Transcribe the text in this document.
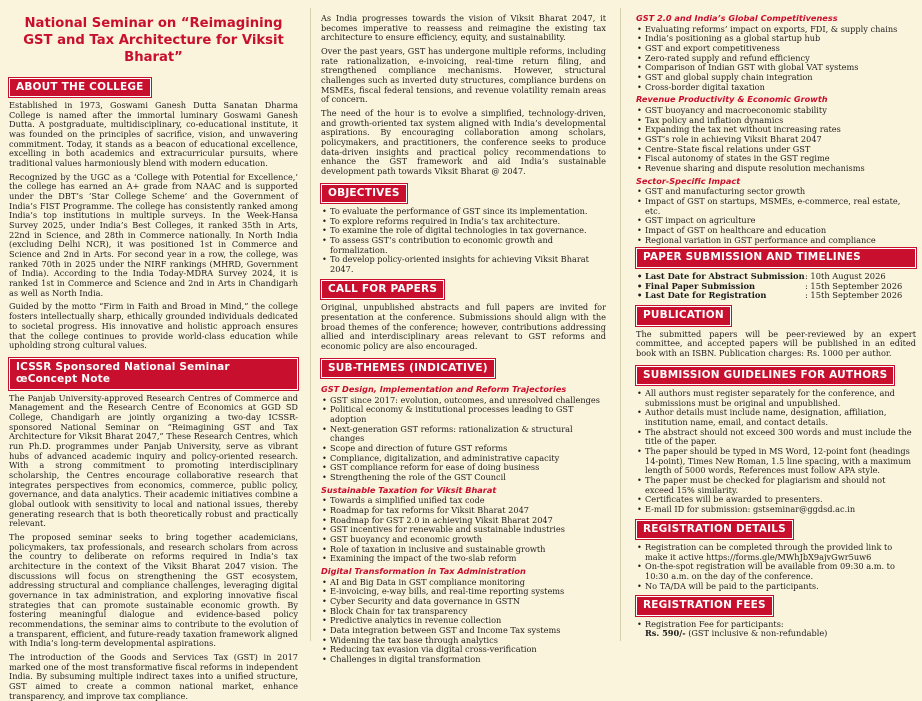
National Seminar on “Reimagining GST and Tax Architecture for Viksit Bharat”
ABOUT THE COLLEGE

Established in 1973, Goswami Ganesh Dutta Sanatan Dharma College is named after the immortal luminary Goswami Ganesh Dutta. A postgraduate, multidisciplinary, co-educational institute, it was founded on the principles of sacrifice, vision, and unwavering commitment. Today, it stands as a beacon of educational excellence, excelling in both academics and extracurricular pursuits, where traditional values harmoniously blend with modern education.

Recognized by the UGC as a ‘College with Potential for Excellence,’ the college has earned an A+ grade from NAAC and is supported under the DBT’s ‘Star College Scheme’ and the Government of India’s FIST Programme. The college has consistently ranked among India’s top institutions in multiple surveys. In the Week-Hansa Survey 2025, under India’s Best Colleges, it ranked 35th in Arts, 22nd in Science, and 28th in Commerce nationally. In North India (excluding Delhi NCR), it was positioned 1st in Commerce and Science and 2nd in Arts. For second year in a row, the college, was ranked 70th in 2025 under the NIRF rankings (MHRD, Government of India). According to the India Today-MDRA Survey 2024, it is ranked 1st in Commerce and Science and 2nd in Arts in Chandigarh as well as North India.

Guided by the motto “Firm in Faith and Broad in Mind,” the college fosters intellectually sharp, ethically grounded individuals dedicated to societal progress. His innovative and holistic approach ensures that the college continues to provide world-class education while upholding strong cultural values.

ICSSR Sponsored National Seminar œConcept Note

The Panjab University-approved Research Centres of Commerce and Management and the Research Centre of Economics at GGD SD College, Chandigarh are jointly organizing a two-day ICSSR-sponsored National Seminar on “Reimagining GST and Tax Architecture for Viksit Bharat 2047,” These Research Centres, which run Ph.D. programmes under Panjab University, serve as vibrant hubs of advanced academic inquiry and policy-oriented research. With a strong commitment to promoting interdisciplinary scholarship, the Centres encourage collaborative research that integrates perspectives from economics, commerce, public policy, governance, and data analytics. Their academic initiatives combine a global outlook with sensitivity to local and national issues, thereby generating research that is both theoretically robust and practically relevant.

The proposed seminar seeks to bring together academicians, policymakers, tax professionals, and research scholars from across the country to deliberate on reforms required in India’s tax architecture in the context of the Viksit Bharat 2047 vision. The discussions will focus on strengthening the GST ecosystem, addressing structural and compliance challenges, leveraging digital governance in tax administration, and exploring innovative fiscal strategies that can promote sustainable economic growth. By fostering meaningful dialogue and evidence-based policy recommendations, the seminar aims to contribute to the evolution of a transparent, efficient, and future-ready taxation framework aligned with India’s long-term developmental aspirations.

The introduction of the Goods and Services Tax (GST) in 2017 marked one of the most transformative fiscal reforms in independent India. By subsuming multiple indirect taxes into a unified structure, GST aimed to create a common national market, enhance transparency, and improve tax compliance.

As India progresses towards the vision of Viksit Bharat 2047, it becomes imperative to reassess and reimagine the existing tax architecture to ensure efficiency, equity, and sustainability.

Over the past years, GST has undergone multiple reforms, including rate rationalization, e-invoicing, real-time return filing, and strengthened compliance mechanisms. However, structural challenges such as inverted duty structures, compliance burdens on MSMEs, fiscal federal tensions, and revenue volatility remain areas of concern.

The need of the hour is to evolve a simplified, technology-driven, and growth-oriented tax system aligned with India’s developmental aspirations. By encouraging collaboration among scholars, policymakers, and practitioners, the conference seeks to produce data-driven insights and practical policy recommendations to enhance the GST framework and aid India’s sustainable development path towards Viksit Bharat @ 2047.

OBJECTIVES
• To evaluate the performance of GST since its implementation.
• To explore reforms required in India’s tax architecture.
• To examine the role of digital technologies in tax governance.
• To assess GST’s contribution to economic growth and formalization.
• To develop policy-oriented insights for achieving Viksit Bharat 2047.
CALL FOR PAPERS

Original, unpublished abstracts and full papers are invited for presentation at the conference. Submissions should align with the broad themes of the conference; however, contributions addressing allied and interdisciplinary areas relevant to GST reforms and economic policy are also encouraged.

SUB-THEMES (INDICATIVE)
GST Design, Implementation and Reform Trajectories
• GST since 2017: evolution, outcomes, and unresolved challenges
• Political economy & institutional processes leading to GST adoption
• Next-generation GST reforms: rationalization & structural changes
• Scope and direction of future GST reforms
• Compliance, digitalization, and administrative capacity
• GST compliance reform for ease of doing business
• Strengthening the role of the GST Council
Sustainable Taxation for Viksit Bharat
• Towards a simplified unified tax code
• Roadmap for tax reforms for Viksit Bharat 2047
• Roadmap for GST 2.0 in achieving Viksit Bharat 2047
• GST incentives for renewable and sustainable industries
• GST buoyancy and economic growth
• Role of taxation in inclusive and sustainable growth
• Examining the impact of the two-slab reform
Digital Transformation in Tax Administration
• AI and Big Data in GST compliance monitoring
• E-invoicing, e-way bills, and real-time reporting systems
• Cyber Security and data governance in GSTN
• Block Chain for tax transparency
• Predictive analytics in revenue collection
• Data integration between GST and Income Tax systems
• Widening the tax base through analytics
• Reducing tax evasion via digital cross-verification
• Challenges in digital transformation
GST 2.0 and India’s Global Competitiveness
• Evaluating reforms’ impact on exports, FDI, & supply chains
• India’s positioning as a global startup hub
• GST and export competitiveness
• Zero-rated supply and refund efficiency
• Comparison of Indian GST with global VAT systems
• GST and global supply chain integration
• Cross-border digital taxation
Revenue Productivity & Economic Growth
• GST buoyancy and macroeconomic stability
• Tax policy and inflation dynamics
• Expanding the tax net without increasing rates
• GST’s role in achieving Viksit Bharat 2047
• Centre–State fiscal relations under GST
• Fiscal autonomy of states in the GST regime
• Revenue sharing and dispute resolution mechanisms
Sector-Specific Impact
• GST and manufacturing sector growth
• Impact of GST on startups, MSMEs, e-commerce, real estate, etc.
• GST impact on agriculture
• Impact of GST on healthcare and education
• Regional variation in GST performance and compliance
PAPER SUBMISSION AND TIMELINES
• Last Date for Abstract Submission	: 10th August 2026
• Final Paper Submission	: 15th September 2026
• Last Date for Registration	: 15th September 2026
PUBLICATION

The submitted papers will be peer-reviewed by an expert committee, and accepted papers will be published in an edited book with an ISBN. Publication charges: Rs. 1000 per author.

SUBMISSION GUIDELINES FOR AUTHORS
• All authors must register separately for the conference, and submissions must be original and unpublished.
• Author details must include name, designation, affiliation, institution name, email, and contact details.
• The abstract should not exceed 300 words and must include the title of the paper.
• The paper should be typed in MS Word, 12-point font (headings 14-point), Times New Roman, 1.5 line spacing, with a maximum length of 5000 words, References must follow APA style.
• The paper must be checked for plagiarism and should not exceed 15% similarity.
• Certificates will be awarded to presenters.
• E-mail ID for submission: gstseminar@ggdsd.ac.in
REGISTRATION DETAILS
• Registration can be completed through the provided link to make it active https://forms.gle/MWhJbX9ajvGwr5uw6
• On-the-spot registration will be available from 09:30 a.m. to 10:30 a.m. on the day of the conference.
• No TA/DA will be paid to the participants.
REGISTRATION FEES
• Registration Fee for participants:
Rs. 590/- (GST inclusive & non-refundable)
